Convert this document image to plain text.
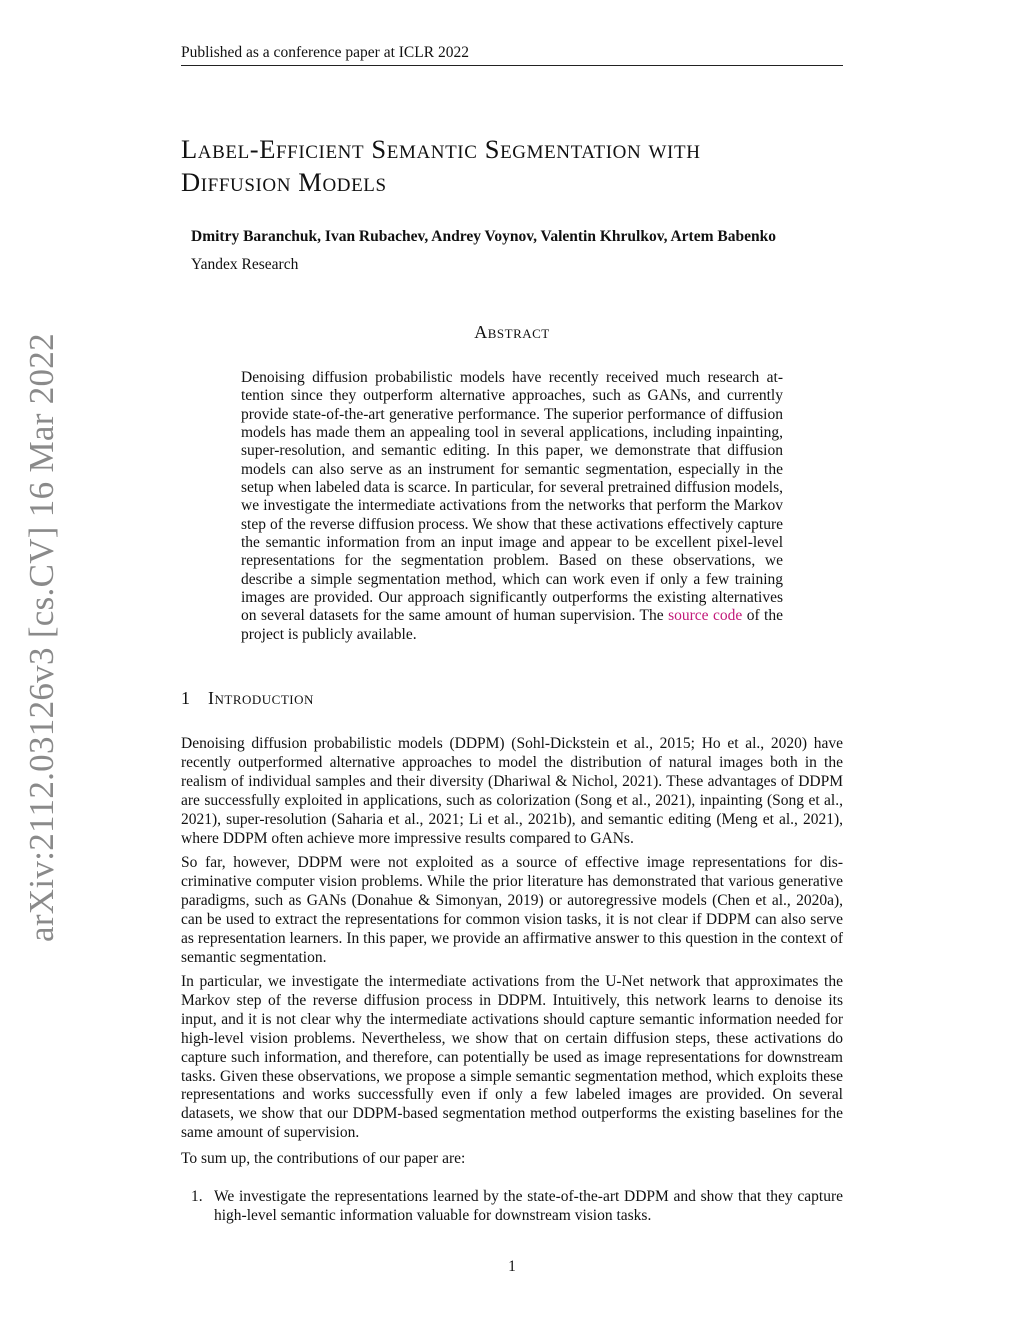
Published as a conference paper at ICLR 2022
Label-Efficient Semantic Segmentation with
Diffusion Models
Dmitry Baranchuk, Ivan Rubachev, Andrey Voynov, Valentin Khrulkov, Artem Babenko
Yandex Research
Abstract
Denoising diffusion probabilistic models have recently received much research attention since they outperform alternative approaches, such as GANs, and currently provide state-of-the-art generative performance. The superior performance of diffusion models has made them an appealing tool in several applications, including inpainting, super-resolution, and semantic editing. In this paper, we demonstrate that diffusion models can also serve as an instrument for semantic segmentation, especially in the setup when labeled data is scarce. In particular, for several pretrained diffusion models, we investigate the intermediate activations from the networks that perform the Markov step of the reverse diffusion process. We show that these activations effectively capture the semantic information from an input image and appear to be excellent pixel-level representations for the segmentation problem. Based on these observations, we describe a simple segmentation method, which can work even if only a few training images are provided. Our approach significantly outperforms the existing alternatives on several datasets for the same amount of human supervision. The source code of the project is publicly available.
arXiv:2112.03126v3 [cs.CV] 16 Mar 2022	1 Introduction

Denoising diffusion probabilistic models (DDPM) (Sohl-Dickstein et al., 2015; Ho et al., 2020) have recently outperformed alternative approaches to model the distribution of natural images both in the realism of individual samples and their diversity (Dhariwal & Nichol, 2021). These advantages of DDPM are successfully exploited in applications, such as colorization (Song et al., 2021), inpainting (Song et al., 2021), super-resolution (Saharia et al., 2021; Li et al., 2021b), and semantic editing (Meng et al., 2021), where DDPM often achieve more impressive results compared to GANs.

So far, however, DDPM were not exploited as a source of effective image representations for discriminative computer vision problems. While the prior literature has demonstrated that various generative paradigms, such as GANs (Donahue & Simonyan, 2019) or autoregressive models (Chen et al., 2020a), can be used to extract the representations for common vision tasks, it is not clear if DDPM can also serve as representation learners. In this paper, we provide an affirmative answer to this question in the context of semantic segmentation.

In particular, we investigate the intermediate activations from the U-Net network that approximates the Markov step of the reverse diffusion process in DDPM. Intuitively, this network learns to denoise its input, and it is not clear why the intermediate activations should capture semantic information needed for high-level vision problems. Nevertheless, we show that on certain diffusion steps, these activations do capture such information, and therefore, can potentially be used as image representations for downstream tasks. Given these observations, we propose a simple semantic segmentation method, which exploits these representations and works successfully even if only a few labeled images are provided. On several datasets, we show that our DDPM-based segmentation method outperforms the existing baselines for the same amount of supervision.

To sum up, the contributions of our paper are:

1. We investigate the representations learned by the state-of-the-art DDPM and show that they capture high-level semantic information valuable for downstream vision tasks.
1
